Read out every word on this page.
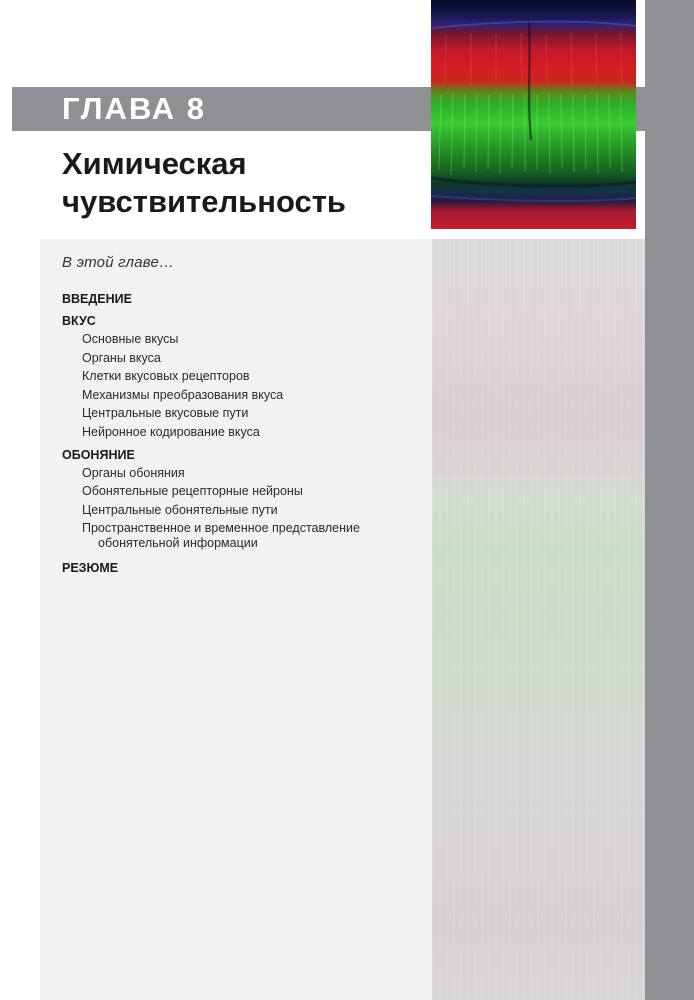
ГЛАВА 8
Химическая
чувствительность
В этой главе…
ВВЕДЕНИЕ
ВКУС
Основные вкусы
Органы вкуса
Клетки вкусовых рецепторов
Механизмы преобразования вкуса
Центральные вкусовые пути
Нейронное кодирование вкуса
ОБОНЯНИЕ
Органы обоняния
Обонятельные рецепторные нейроны
Центральные обонятельные пути
Пространственное и временное представление
обонятельной информации
РЕЗЮМЕ
